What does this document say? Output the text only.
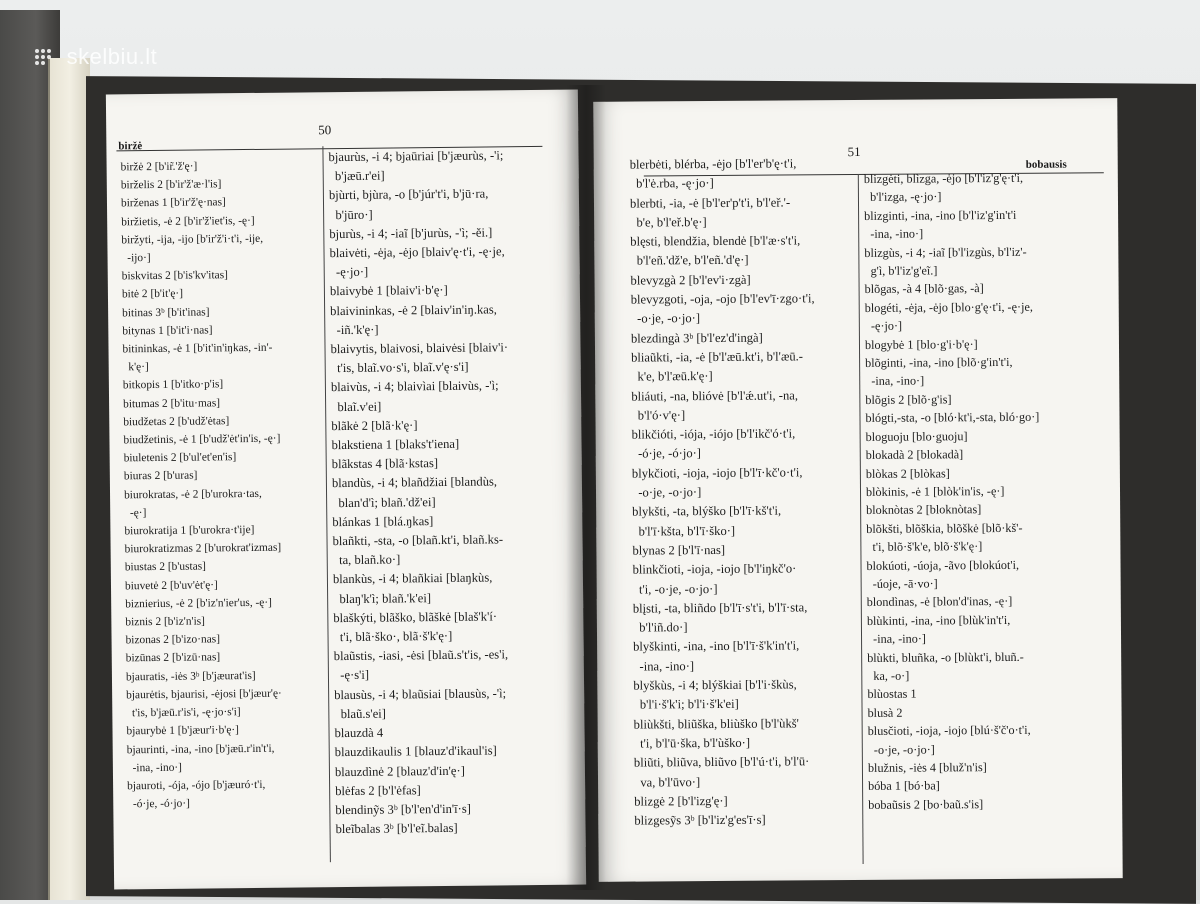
skelbiu.lt
biržė
50
biržė 2 [b'ir̃.'ž'ę·]
birželis 2 [b'ir'ž'æ·l'is]
birženas 1 [b'ir'ž'ę·nas]
biržietis, -ė 2 [b'ir'ž'iet'is, -ę·]
biržyti, -ija, -ijo [b'ir'ž'i·t'i, -ije,
-ijo·]
biskvitas 2 [b'is'kv'itas]
bitė 2 [b'it'ę·]
bitinas 3ᵇ [b'it'inas]
bitynas 1 [b'it'i·nas]
bitininkas, -ė 1 [b'it'in'iŋkas, -in'-
k'ę·]
bitkopis 1 [b'itko·p'is]
bitumas 2 [b'itu·mas]
biudžetas 2 [b'udž'ėtas]
biudžetinis, -ė 1 [b'udž'ėt'in'is, -ę·]
biuletenis 2 [b'ul'et'en'is]
biuras 2 [b'uras]
biurokratas, -ė 2 [b'urokra·tas,
-ę·]
biurokratija 1 [b'urokra·t'ije]
biurokratizmas 2 [b'urokrat'izmas]
biustas 2 [b'ustas]
biuvetė 2 [b'uv'ėt'ę·]
biznierius, -ė 2 [b'iz'n'ier'us, -ę·]
biznis 2 [b'iz'n'is]
bizonas 2 [b'izo·nas]
bizūnas 2 [b'izū·nas]
bjauratis, -iės 3ᵇ [b'jæurat'is]
bjaurėtis, bjaurisi, -ėjosi [b'jæur'ę·
t'is, b'jæū.r'is'i, -ę·jo·s'i]
bjaurybė 1 [b'jæur'i·b'ę·]
bjaurinti, -ina, -ino [b'jæū.r'in't'i,
-ina, -ino·]
bjauroti, -ója, -ójo [b'jæuró·t'i,
-ó·je, -ó·jo·]
bjaurùs, -i 4; bjaūriai [b'jæurùs, -'i;
b'jæū.r'ei]
bjùrti, bjùra, -o [b'júr't'i, b'jū·ra,
b'jūro·]
bjurùs, -i 4; -iaĩ [b'jurùs, -'ì; -ĕi.]
blaivėti, -ėja, -ėjo [blaiv'ę·t'i, -ę·je,
-ę·jo·]
blaivybė 1 [blaiv'i·b'ę·]
blaivininkas, -ė 2 [blaiv'in'iŋ.kas,
-iñ.'k'ę·]
blaivytis, blaivosi, blaivėsi [blaiv'i·
t'is, blaĩ.vo·s'i, blaĩ.v'ę·s'i]
blaivùs, -i 4; blaivìai [blaivùs, -'ì;
blaĩ.v'ei]
blãkė 2 [blã·k'ę·]
blakstiena 1 [blaks't'iena]
blãkstas 4 [blã·kstas]
blandùs, -i 4; blañdžiai [blandùs,
blan'd'ì; blañ.'dž'ei]
blánkas 1 [blá.ŋkas]
blañkti, -sta, -o [blañ.kt'i, blañ.ks-
ta, blañ.ko·]
blankùs, -i 4; blañkiai [blaŋkùs,
blaŋ'k'ì; blañ.'k'ei]
blaškýti, blãško, blãškė [blaš'k'í·
t'i, blã·ško·, blã·š'k'ę·]
blaũstis, -iasi, -ėsi [blaũ.s't'is, -es'i,
-ę·s'i]
blausùs, -i 4; blaũsiai [blausùs, -'ì;
blaũ.s'ei]
blauzdà 4
blauzdikaulis 1 [blauz'd'ikaul'is]
blauzdìnė 2 [blauz'd'in'ę·]
blėfas 2 [b'l'ėfas]
blendinỹs 3ᵇ [b'l'en'd'in'ī·s]
bleĩbalas 3ᵇ [b'l'eĩ.balas]
51
bobausis
blerbėti, blérba, -ėjo [b'l'er'b'ę·t'i,
b'l'ė.rba, -ę·jo·]
blerbti, -ia, -ė [b'l'er'p't'i, b'l'eř.'-
b'e, b'l'eř.b'ę·]
blęsti, blendžia, blendė [b'l'æ·s't'i,
b'l'eñ.'dž'e, b'l'eñ.'d'ę·]
blevyzgà 2 [b'l'ev'i·zgà]
blevyzgoti, -oja, -ojo [b'l'ev'ī·zgo·t'i,
-o·je, -o·jo·]
blezdingà 3ᵇ [b'l'ez'd'ingà]
bliaũkti, -ia, -ė [b'l'æū.kt'i, b'l'æū.-
k'e, b'l'æū.k'ę·]
bliáuti, -na, blióvė [b'l'ǽ.ut'i, -na,
b'l'ó·v'ę·]
blikčióti, -iója, -iójo [b'l'ikč'ó·t'i,
-ó·je, -ó·jo·]
blykčioti, -ioja, -iojo [b'l'ī·kč'o·t'i,
-o·je, -o·jo·]
blykšti, -ta, blýško [b'l'ī·kš't'i,
b'l'ī·kšta, b'l'ī·ško·]
blynas 2 [b'l'ī·nas]
blinkčioti, -ioja, -iojo [b'l'iŋkč'o·
t'i, -o·je, -o·jo·]
blįsti, -ta, bliñdo [b'l'ī·s't'i, b'l'ī·sta,
b'l'iñ.do·]
blyškinti, -ina, -ino [b'l'ī·š'k'in't'i,
-ina, -ino·]
blyškùs, -i 4; blýškiai [b'l'i·škùs,
b'l'i·š'k'i; b'l'i·š'k'ei]
bliùkšti, bliũška, bliùško [b'l'ùkš'
t'i, b'l'ū·ška, b'l'ùško·]
bliũti, bliũva, bliũvo [b'l'ú·t'i, b'l'ū·
va, b'l'ūvo·]
blizgė 2 [b'l'izg'ę·]
blizgesỹs 3ᵇ [b'l'iz'g'es'ī·s]
blizgėti, blìzga, -ėjo [b'l'iz'g'ę·t'i,
b'l'izga, -ę·jo·]
blizginti, -ina, -ino [b'l'iz'g'in't'i
-ina, -ino·]
blizgùs, -i 4; -iaĩ [b'l'izgùs, b'l'iz'-
g'ì, b'l'iz'g'eĩ.]
blõgas, -à 4 [blõ·gas, -à]
blogéti, -ėja, -ėjo [blo·g'ę·t'i, -ę·je,
-ę·jo·]
blogybė 1 [blo·g'i·b'ę·]
blõginti, -ina, -ino [blõ·g'in't'i,
-ina, -ino·]
blõgis 2 [blõ·g'is]
blógti,-sta, -o [bló·kt'i,-sta, bló·go·]
bloguoju [blo·guoju]
blokadà 2 [blokadà]
blòkas 2 [blòkas]
blòkinis, -ė 1 [blòk'in'is, -ę·]
bloknòtas 2 [bloknòtas]
blõkšti, blõškia, blõškė [blõ·kš'-
t'i, blõ·š'k'e, blõ·š'k'ę·]
blokúoti, -úoja, -ãvo [blokúot'i,
-úoje, -ā·vo·]
blondìnas, -ė [blon'd'inas, -ę·]
blùkinti, -ina, -ino [blùk'in't'i,
-ina, -ino·]
blùkti, bluñka, -o [blùkt'i, bluñ.-
ka, -o·]
blùostas 1
blusà 2
blusčioti, -ioja, -iojo [blú·š'č'o·t'i,
-o·je, -o·jo·]
blužnis, -iės 4 [bluž'n'is]
bóba 1 [bó·ba]
bobaũsis 2 [bo·baũ.s'is]
